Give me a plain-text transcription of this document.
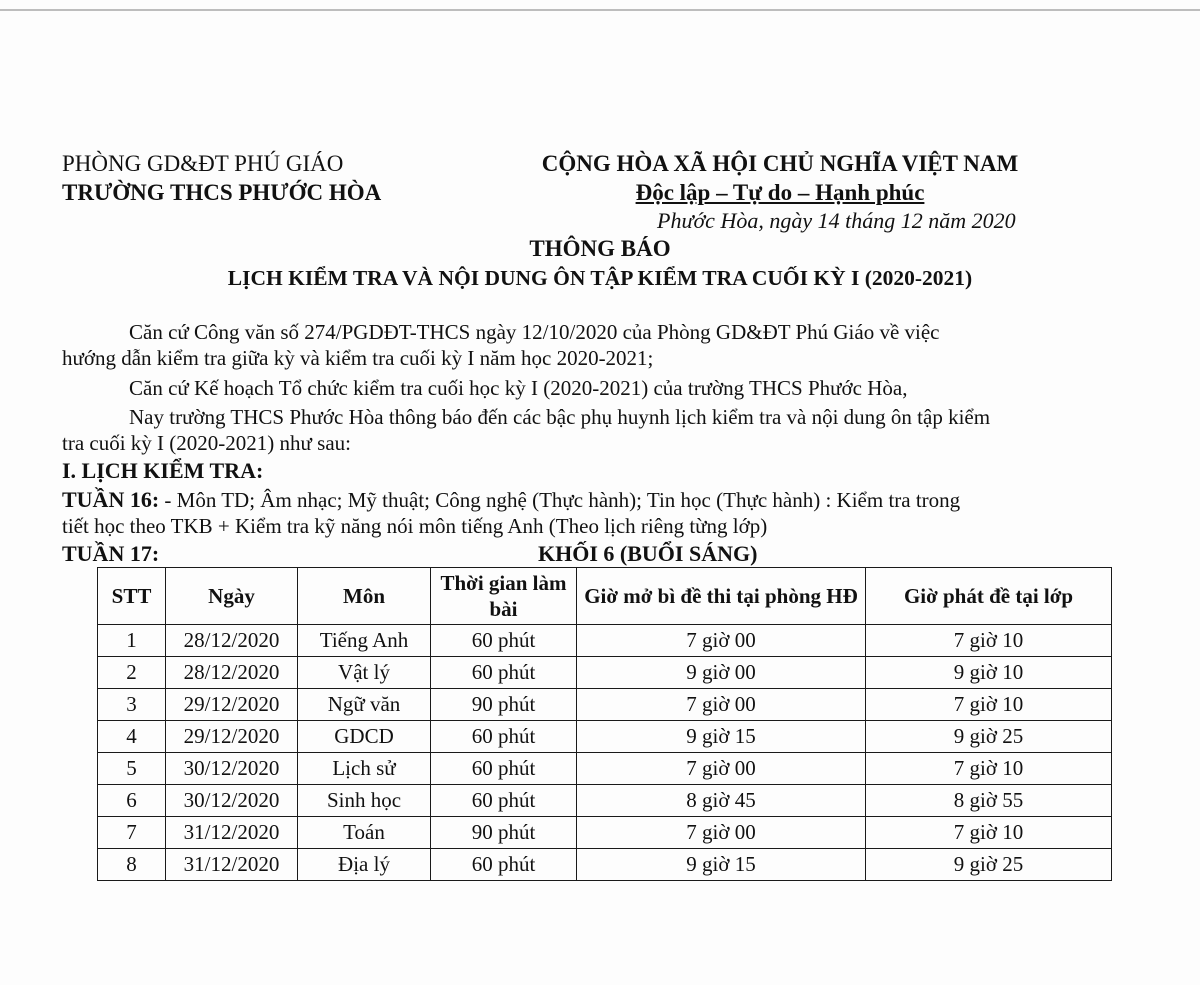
PHÒNG GD&ĐT PHÚ GIÁO
TRƯỜNG THCS PHƯỚC HÒA
CỘNG HÒA XÃ HỘI CHỦ NGHĨA VIỆT NAM
Độc lập – Tự do – Hạnh phúc
Phước Hòa, ngày 14 tháng 12 năm 2020
THÔNG BÁO
LỊCH KIỂM TRA VÀ NỘI DUNG ÔN TẬP KIỂM TRA CUỐI KỲ I (2020-2021)
Căn cứ Công văn số 274/PGDĐT-THCS ngày 12/10/2020 của Phòng GD&ĐT Phú Giáo về việc
hướng dẫn kiểm tra giữa kỳ và kiểm tra cuối kỳ I năm học 2020-2021;
Căn cứ Kế hoạch Tổ chức kiểm tra cuối học kỳ I (2020-2021) của trường THCS Phước Hòa,
Nay trường THCS Phước Hòa thông báo đến các bậc phụ huynh lịch kiểm tra và nội dung ôn tập kiểm
tra cuối kỳ I (2020-2021) như sau:
I. LỊCH KIỂM TRA:
TUẦN 16: - Môn TD; Âm nhạc; Mỹ thuật; Công nghệ (Thực hành); Tin học (Thực hành) : Kiểm tra trong
tiết học theo TKB + Kiểm tra kỹ năng nói môn tiếng Anh (Theo lịch riêng từng lớp)
TUẦN 17:	KHỐI 6 (BUỔI SÁNG)
STT	Ngày	Môn	Thời gian làm bài	Giờ mở bì đề thi tại phòng HĐ	Giờ phát đề tại lớp
1	28/12/2020	Tiếng Anh	60 phút	7 giờ 00	7 giờ 10
2	28/12/2020	Vật lý	60 phút	9 giờ 00	9 giờ 10
3	29/12/2020	Ngữ văn	90 phút	7 giờ 00	7 giờ 10
4	29/12/2020	GDCD	60 phút	9 giờ 15	9 giờ 25
5	30/12/2020	Lịch sử	60 phút	7 giờ 00	7 giờ 10
6	30/12/2020	Sinh học	60 phút	8 giờ 45	8 giờ 55
7	31/12/2020	Toán	90 phút	7 giờ 00	7 giờ 10
8	31/12/2020	Địa lý	60 phút	9 giờ 15	9 giờ 25
